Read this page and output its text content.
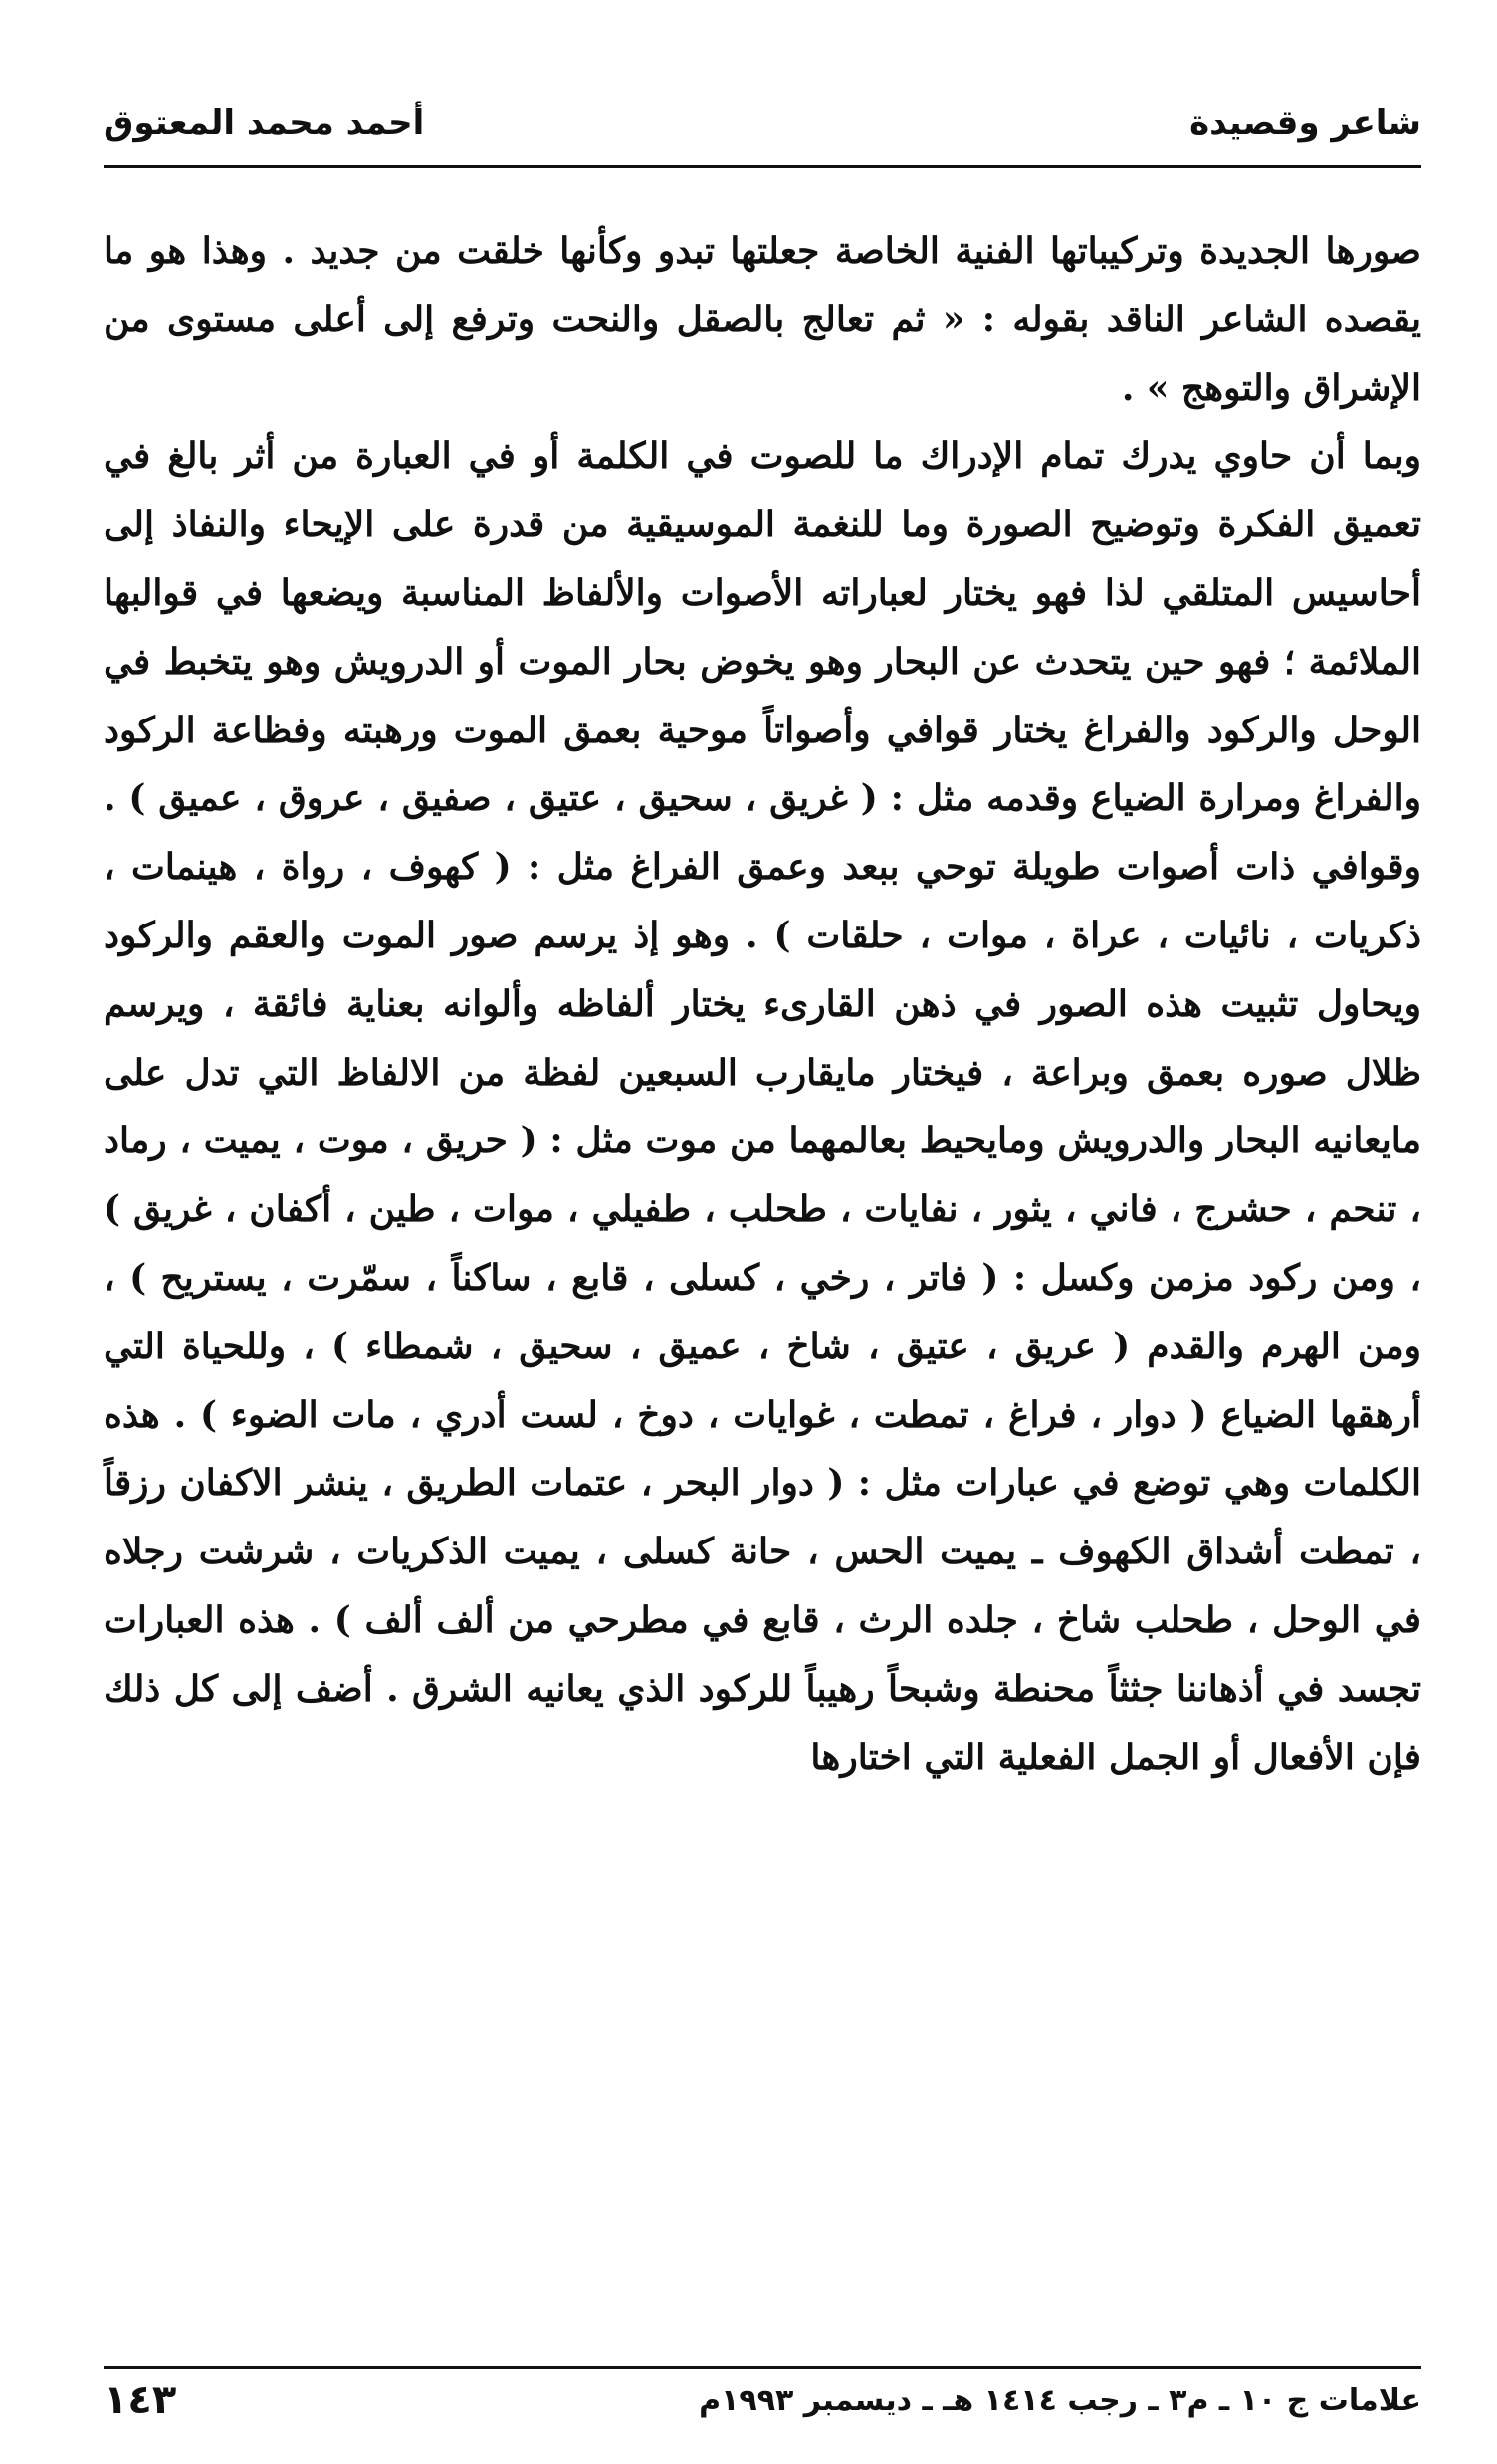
شاعر وقصيدة
أحمد محمد المعتوق

صورها الجديدة وتركيباتها الفنية الخاصة جعلتها تبدو وكأنها خلقت من جديد . وهذا هو ما يقصده الشاعر الناقد بقوله : « ثم تعالج بالصقل والنحت وترفع إلى أعلى مستوى من الإشراق والتوهج » .

وبما أن حاوي يدرك تمام الإدراك ما للصوت في الكلمة أو في العبارة من أثر بالغ في تعميق الفكرة وتوضيح الصورة وما للنغمة الموسيقية من قدرة على الإيحاء والنفاذ إلى أحاسيس المتلقي لذا فهو يختار لعباراته الأصوات والألفاظ المناسبة ويضعها في قوالبها الملائمة ؛ فهو حين يتحدث عن البحار وهو يخوض بحار الموت أو الدرويش وهو يتخبط في الوحل والركود والفراغ يختار قوافي وأصواتاً موحية بعمق الموت ورهبته وفظاعة الركود والفراغ ومرارة الضياع وقدمه مثل : ( غريق ، سحيق ، عتيق ، صفيق ، عروق ، عميق ) . وقوافي ذات أصوات طويلة توحي ببعد وعمق الفراغ مثل : ( كهوف ، رواة ، هينمات ، ذكريات ، نائيات ، عراة ، موات ، حلقات ) . وهو إذ يرسم صور الموت والعقم والركود ويحاول تثبيت هذه الصور في ذهن القارىء يختار ألفاظه وألوانه بعناية فائقة ، ويرسم ظلال صوره بعمق وبراعة ، فيختار مايقارب السبعين لفظة من الالفاظ التي تدل على مايعانيه البحار والدرويش ومايحيط بعالمهما من موت مثل : ( حريق ، موت ، يميت ، رماد ، تنحم ، حشرج ، فاني ، يثور ، نفايات ، طحلب ، طفيلي ، موات ، طين ، أكفان ، غريق ) ، ومن ركود مزمن وكسل : ( فاتر ، رخي ، كسلى ، قابع ، ساكناً ، سمّرت ، يستريح ) ، ومن الهرم والقدم ( عريق ، عتيق ، شاخ ، عميق ، سحيق ، شمطاء ) ، وللحياة التي أرهقها الضياع ( دوار ، فراغ ، تمطت ، غوايات ، دوخ ، لست أدري ، مات الضوء ) . هذه الكلمات وهي توضع في عبارات مثل : ( دوار البحر ، عتمات الطريق ، ينشر الاكفان رزقاً ، تمطت أشداق الكهوف ـ يميت الحس ، حانة كسلى ، يميت الذكريات ، شرشت رجلاه في الوحل ، طحلب شاخ ، جلده الرث ، قابع في مطرحي من ألف ألف ) . هذه العبارات تجسد في أذهاننا جثثاً محنطة وشبحاً رهيباً للركود الذي يعانيه الشرق . أضف إلى كل ذلك فإن الأفعال أو الجمل الفعلية التي اختارها

علامات ج ١٠ ـ م٣ ـ رجب ١٤١٤ هـ ـ ديسمبر ١٩٩٣م
١٤٣
